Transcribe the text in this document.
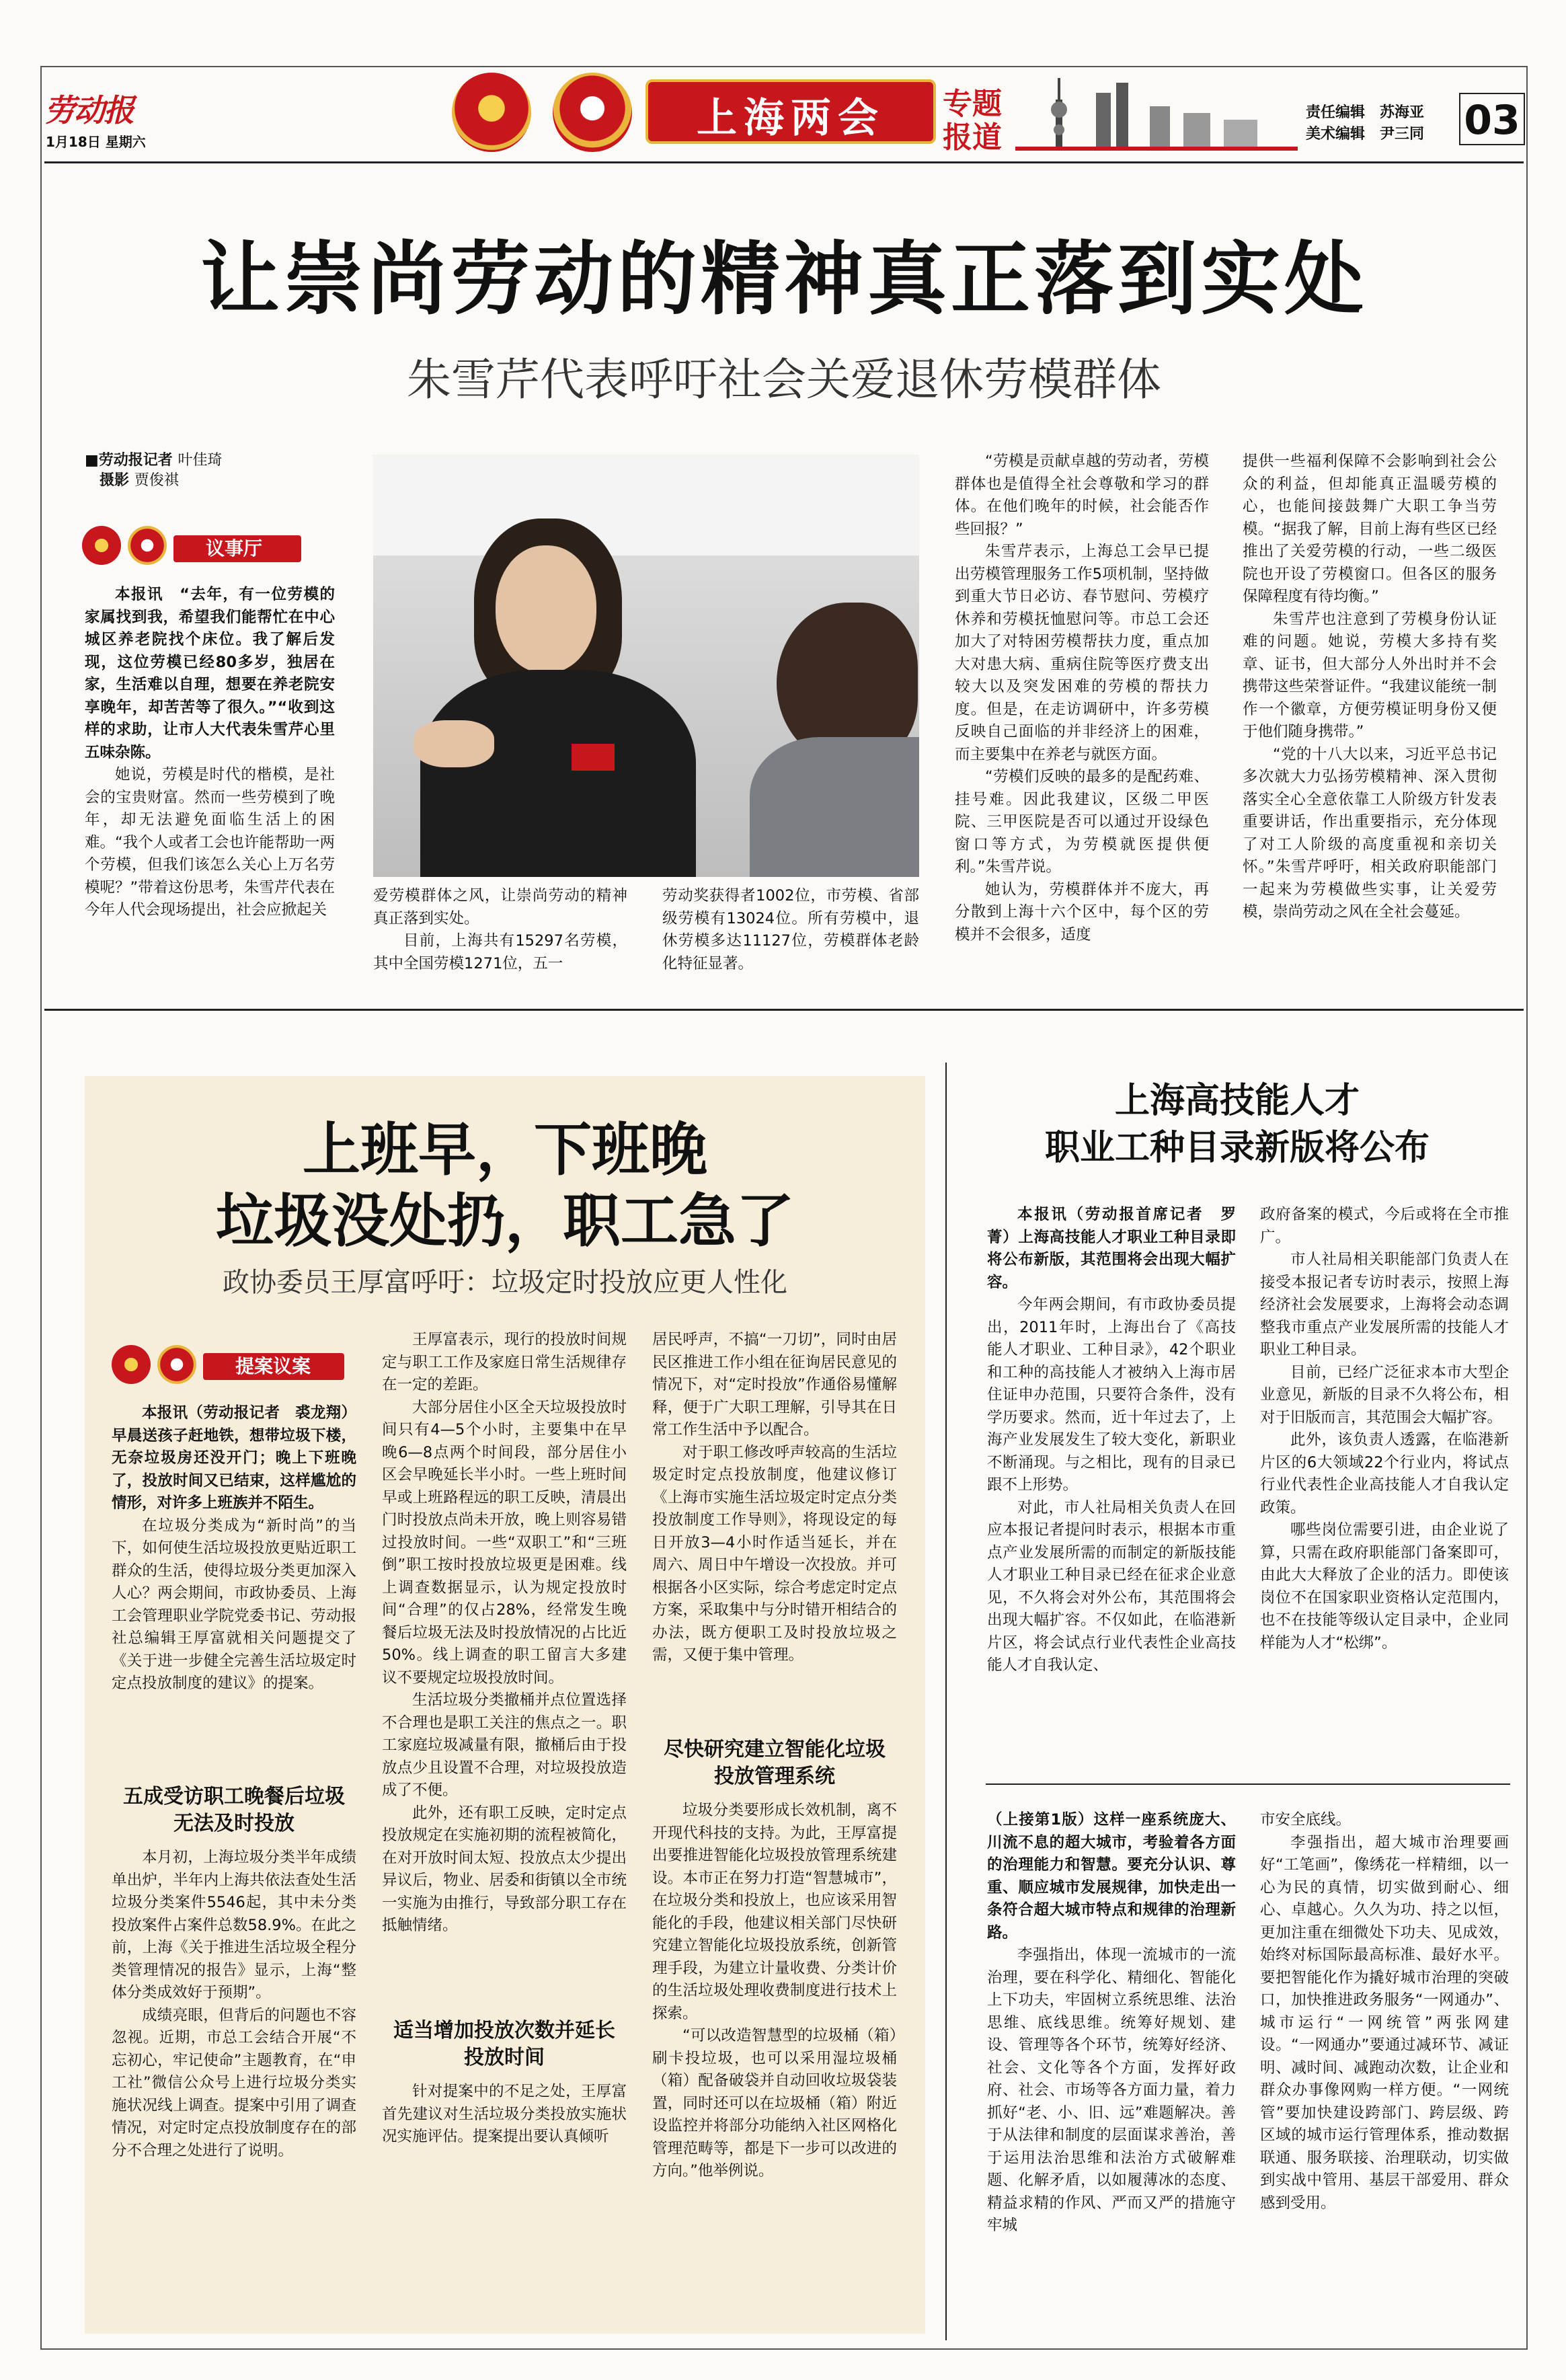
劳动报
1月18日 星期六	上海两会	专题
报道
责任编辑　苏海亚
美术编辑　尹三同 03
让崇尚劳动的精神真正落到实处
朱雪芹代表呼吁社会关爱退休劳模群体
■劳动报记者 叶佳琦
摄影 贾俊祺
议事厅

本报讯　“去年，有一位劳模的家属找到我，希望我们能帮忙在中心城区养老院找个床位。我了解后发现，这位劳模已经80多岁，独居在家，生活难以自理，想要在养老院安享晚年，却苦苦等了很久。”“收到这样的求助，让市人大代表朱雪芹心里五味杂陈。

她说，劳模是时代的楷模，是社会的宝贵财富。然而一些劳模到了晚年，却无法避免面临生活上的困难。“我个人或者工会也许能帮助一两个劳模，但我们该怎么关心上万名劳模呢？”带着这份思考，朱雪芹代表在今年人代会现场提出，社会应掀起关

爱劳模群体之风，让崇尚劳动的精神真正落到实处。

目前，上海共有15297名劳模，其中全国劳模1271位，五一

劳动奖获得者1002位，市劳模、省部级劳模有13024位。所有劳模中，退休劳模多达11127位，劳模群体老龄化特征显著。

“劳模是贡献卓越的劳动者，劳模群体也是值得全社会尊敬和学习的群体。在他们晚年的时候，社会能否作些回报？”

朱雪芹表示，上海总工会早已提出劳模管理服务工作5项机制，坚持做到重大节日必访、春节慰问、劳模疗休养和劳模抚恤慰问等。市总工会还加大了对特困劳模帮扶力度，重点加大对患大病、重病住院等医疗费支出较大以及突发困难的劳模的帮扶力度。但是，在走访调研中，许多劳模反映自己面临的并非经济上的困难，而主要集中在养老与就医方面。

“劳模们反映的最多的是配药难、挂号难。因此我建议，区级二甲医院、三甲医院是否可以通过开设绿色窗口等方式，为劳模就医提供便利。”朱雪芹说。

她认为，劳模群体并不庞大，再分散到上海十六个区中，每个区的劳模并不会很多，适度

提供一些福利保障不会影响到社会公众的利益，但却能真正温暖劳模的心，也能间接鼓舞广大职工争当劳模。“据我了解，目前上海有些区已经推出了关爱劳模的行动，一些二级医院也开设了劳模窗口。但各区的服务保障程度有待均衡。”

朱雪芹也注意到了劳模身份认证难的问题。她说，劳模大多持有奖章、证书，但大部分人外出时并不会携带这些荣誉证件。“我建议能统一制作一个徽章，方便劳模证明身份又便于他们随身携带。”

“党的十八大以来，习近平总书记多次就大力弘扬劳模精神、深入贯彻落实全心全意依靠工人阶级方针发表重要讲话，作出重要指示，充分体现了对工人阶级的高度重视和亲切关怀。”朱雪芹呼吁，相关政府职能部门一起来为劳模做些实事，让关爱劳模，崇尚劳动之风在全社会蔓延。

上班早，下班晚
垃圾没处扔，职工急了
政协委员王厚富呼吁：垃圾定时投放应更人性化
提案议案

本报讯（劳动报记者　裘龙翔）早晨送孩子赶地铁，想带垃圾下楼，无奈垃圾房还没开门；晚上下班晚了，投放时间又已结束，这样尴尬的情形，对许多上班族并不陌生。

在垃圾分类成为“新时尚”的当下，如何使生活垃圾投放更贴近职工群众的生活，使得垃圾分类更加深入人心？两会期间，市政协委员、上海工会管理职业学院党委书记、劳动报社总编辑王厚富就相关问题提交了《关于进一步健全完善生活垃圾定时定点投放制度的建议》的提案。

五成受访职工晚餐后垃圾无法及时投放

本月初，上海垃圾分类半年成绩单出炉，半年内上海共依法查处生活垃圾分类案件5546起，其中未分类投放案件占案件总数58.9%。在此之前，上海《关于推进生活垃圾全程分类管理情况的报告》显示，上海“整体分类成效好于预期”。

成绩亮眼，但背后的问题也不容忽视。近期，市总工会结合开展“不忘初心，牢记使命”主题教育，在“申工社”微信公众号上进行垃圾分类实施状况线上调查。提案中引用了调查情况，对定时定点投放制度存在的部分不合理之处进行了说明。

王厚富表示，现行的投放时间规定与职工工作及家庭日常生活规律存在一定的差距。

大部分居住小区全天垃圾投放时间只有4—5个小时，主要集中在早晚6—8点两个时间段，部分居住小区会早晚延长半小时。一些上班时间早或上班路程远的职工反映，清晨出门时投放点尚未开放，晚上则容易错过投放时间。一些“双职工”和“三班倒”职工按时投放垃圾更是困难。线上调查数据显示，认为规定投放时间“合理”的仅占28%，经常发生晚餐后垃圾无法及时投放情况的占比近50%。线上调查的职工留言大多建议不要规定垃圾投放时间。

生活垃圾分类撤桶并点位置选择不合理也是职工关注的焦点之一。职工家庭垃圾减量有限，撤桶后由于投放点少且设置不合理，对垃圾投放造成了不便。

此外，还有职工反映，定时定点投放规定在实施初期的流程被简化，在对开放时间太短、投放点太少提出异议后，物业、居委和街镇以全市统一实施为由推行，导致部分职工存在抵触情绪。

适当增加投放次数并延长投放时间

针对提案中的不足之处，王厚富首先建议对生活垃圾分类投放实施状况实施评估。提案提出要认真倾听

居民呼声，不搞“一刀切”，同时由居民区推进工作小组在征询居民意见的情况下，对“定时投放”作通俗易懂解释，便于广大职工理解，引导其在日常工作生活中予以配合。

对于职工修改呼声较高的生活垃圾定时定点投放制度，他建议修订《上海市实施生活垃圾定时定点分类投放制度工作导则》，将现设定的每日开放3—4小时作适当延长，并在周六、周日中午增设一次投放。并可根据各小区实际，综合考虑定时定点方案，采取集中与分时错开相结合的办法，既方便职工及时投放垃圾之需，又便于集中管理。

尽快研究建立智能化垃圾投放管理系统

垃圾分类要形成长效机制，离不开现代科技的支持。为此，王厚富提出要推进智能化垃圾投放管理系统建设。本市正在努力打造“智慧城市”，在垃圾分类和投放上，也应该采用智能化的手段，他建议相关部门尽快研究建立智能化垃圾投放系统，创新管理手段，为建立计量收费、分类计价的生活垃圾处理收费制度进行技术上探索。

“可以改造智慧型的垃圾桶（箱）刷卡投垃圾，也可以采用湿垃圾桶（箱）配备破袋并自动回收垃圾袋装置，同时还可以在垃圾桶（箱）附近设监控并将部分功能纳入社区网格化管理范畴等，都是下一步可以改进的方向。”他举例说。

上海高技能人才
职业工种目录新版将公布

本报讯（劳动报首席记者　罗菁）上海高技能人才职业工种目录即将公布新版，其范围将会出现大幅扩容。

今年两会期间，有市政协委员提出，2011年时，上海出台了《高技能人才职业、工种目录》，42个职业和工种的高技能人才被纳入上海市居住证申办范围，只要符合条件，没有学历要求。然而，近十年过去了，上海产业发展发生了较大变化，新职业不断涌现。与之相比，现有的目录已跟不上形势。

对此，市人社局相关负责人在回应本报记者提问时表示，根据本市重点产业发展所需的而制定的新版技能人才职业工种目录已经在征求企业意见，不久将会对外公布，其范围将会出现大幅扩容。不仅如此，在临港新片区，将会试点行业代表性企业高技能人才自我认定、

政府备案的模式，今后或将在全市推广。

市人社局相关职能部门负责人在接受本报记者专访时表示，按照上海经济社会发展要求，上海将会动态调整我市重点产业发展所需的技能人才职业工种目录。

目前，已经广泛征求本市大型企业意见，新版的目录不久将公布，相对于旧版而言，其范围会大幅扩容。

此外，该负责人透露，在临港新片区的6大领域22个行业内，将试点行业代表性企业高技能人才自我认定政策。

哪些岗位需要引进，由企业说了算，只需在政府职能部门备案即可，由此大大释放了企业的活力。即使该岗位不在国家职业资格认定范围内，也不在技能等级认定目录中，企业同样能为人才“松绑”。

（上接第1版）这样一座系统庞大、川流不息的超大城市，考验着各方面的治理能力和智慧。要充分认识、尊重、顺应城市发展规律，加快走出一条符合超大城市特点和规律的治理新路。

李强指出，体现一流城市的一流治理，要在科学化、精细化、智能化上下功夫，牢固树立系统思维、法治思维、底线思维。统筹好规划、建设、管理等各个环节，统筹好经济、社会、文化等各个方面，发挥好政府、社会、市场等各方面力量，着力抓好“老、小、旧、远”难题解决。善于从法律和制度的层面谋求善治，善于运用法治思维和法治方式破解难题、化解矛盾，以如履薄冰的态度、精益求精的作风、严而又严的措施守牢城

市安全底线。

李强指出，超大城市治理要画好“工笔画”，像绣花一样精细，以一心为民的真情，切实做到耐心、细心、卓越心。久久为功、持之以恒，更加注重在细微处下功夫、见成效，始终对标国际最高标准、最好水平。要把智能化作为撬好城市治理的突破口，加快推进政务服务“一网通办”、城市运行“一网统管”两张网建设。“一网通办”要通过减环节、减证明、减时间、减跑动次数，让企业和群众办事像网购一样方便。“一网统管”要加快建设跨部门、跨层级、跨区域的城市运行管理体系，推动数据联通、服务联接、治理联动，切实做到实战中管用、基层干部爱用、群众感到受用。
